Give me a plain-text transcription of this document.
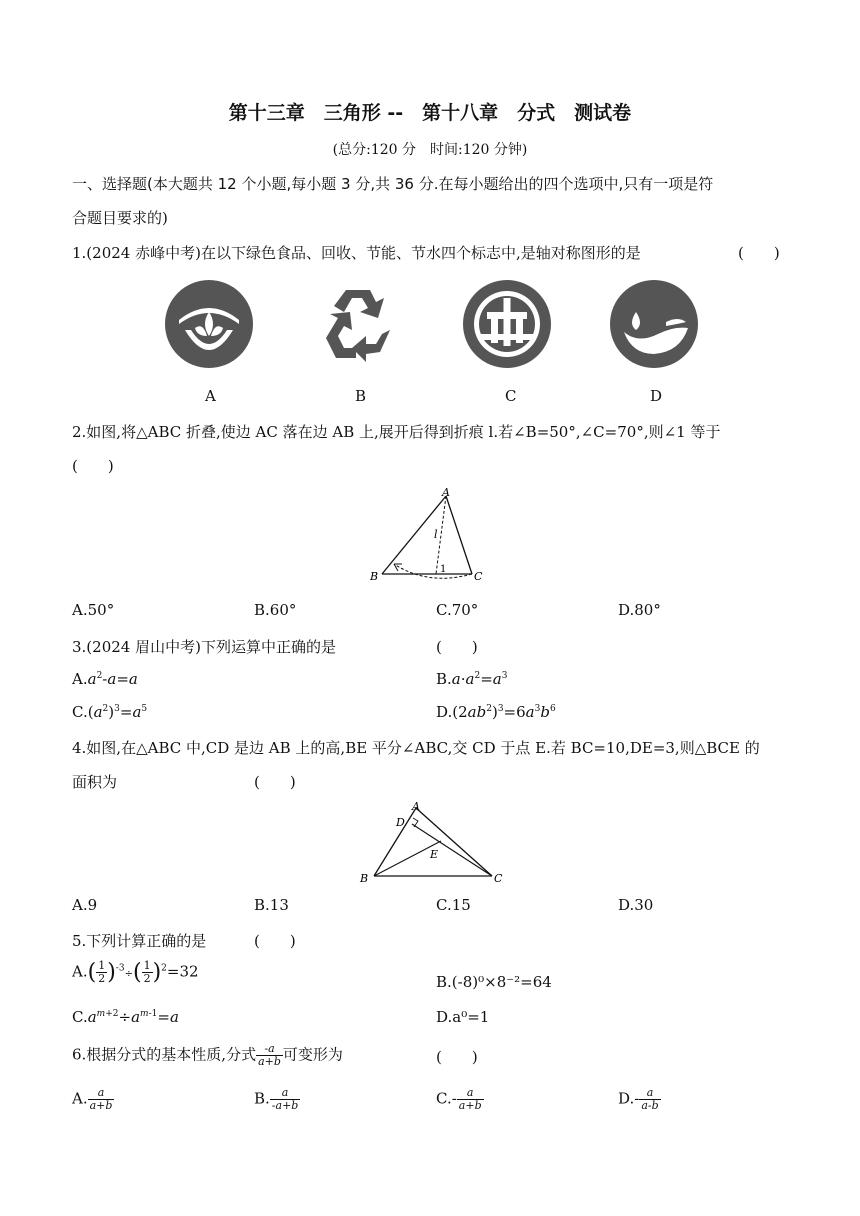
第十三章　三角形 --　第十八章　分式　测试卷
(总分:120 分　时间:120 分钟)
一、选择题(本大题共 12 个小题,每小题 3 分,共 36 分.在每小题给出的四个选项中,只有一项是符
合题目要求的)
1.(2024 赤峰中考)在以下绿色食品、回收、节能、节水四个标志中,是轴对称图形的是	(　　)
A	B	C	D
2.如图,将△ABC 折叠,使边 AC 落在边 AB 上,展开后得到折痕 l.若∠B=50°,∠C=70°,则∠1 等于
(　　)
A
B	C
l
1
A.50°	B.60°	C.70°	D.80°
3.(2024 眉山中考)下列运算中正确的是	(　　)
$A.a^2-a=a$	$B.a\cdot a^2=a^3$
$C.(a^2)^3=a^5$	$D.(2ab^2)^3=6a^3b^6$
4.如图,在△ABC 中,CD 是边 AB 上的高,BE 平分∠ABC,交 CD 于点 E.若 BC=10,DE=3,则△BCE 的
面积为	(　　)
A
D
E
B	C
A.9	B.13	C.15	D.30
5.下列计算正确的是	(　　)
A. ( $\frac{1}{2}$ ) $^{-3}$÷ ( $\frac{1}{2}$ ) $^2$=32
B.(-8)⁰×8⁻²=64
$C.a^{m+2}\div a^{m-1}=a$	D.a⁰=1
6.根据分式的基本性质,分式 $\frac{-a}{a+b}$ 可变形为	(　　)
A. $\frac{a}{a+b}$	B. $\frac{a}{-a+b}$	$C.- \frac{a}{a+b}$	$D.- \frac{a}{a-b}$
